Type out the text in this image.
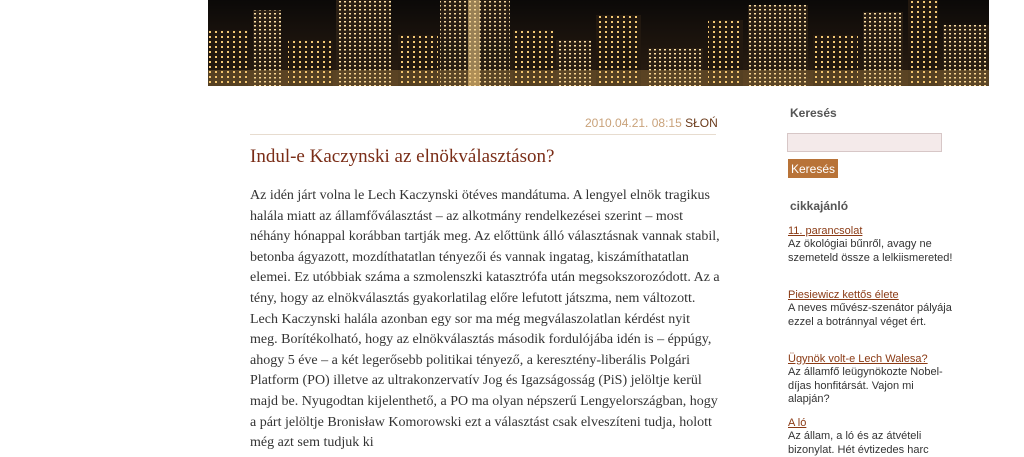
2010.04.21. 08:15 SŁOŃ
Indul-e Kaczynski az elnökválasztáson?

Az idén járt volna le Lech Kaczynski ötéves mandátuma. A lengyel elnök tragikus halála miatt az államfőválasztást – az alkotmány rendelkezései szerint – most néhány hónappal korábban tartják meg. Az előttünk álló választásnak vannak stabil, betonba ágyazott, mozdíthatatlan tényezői és vannak ingatag, kiszámíthatatlan elemei. Ez utóbbiak száma a szmolenszki katasztrófa után megsokszorozódott. Az a tény, hogy az elnökválasztás gyakorlatilag előre lefutott játszma, nem változott. Lech Kaczynski halála azonban egy sor ma még megválaszolatlan kérdést nyit meg. Borítékolható, hogy az elnökválasztás második fordulójába idén is – éppúgy, ahogy 5 éve – a két legerősebb politikai tényező, a keresztény-liberális Polgári Platform (PO) illetve az ultrakonzervatív Jog és Igazságosság (PiS) jelöltje kerül majd be. Nyugodtan kijelenthető, a PO ma olyan népszerű Lengyelországban, hogy a párt jelöltje Bronisław Komorowski ezt a választást csak elveszíteni tudja, holott még azt sem tudjuk ki

Keresés
Keresés
cikkajánló
11. parancsolat
Az ökológiai bűnről, avagy ne szemeteld össze a lelkiismereted!
Piesiewicz kettős élete
A neves művész-szenátor pályája ezzel a botránnyal véget ért.
Ügynök volt-e Lech Walesa?
Az államfő leügynökozte Nobel-díjas honfitársát. Vajon mi alapján?
A ló
Az állam, a ló és az átvételi bizonylat. Hét évtizedes harc
